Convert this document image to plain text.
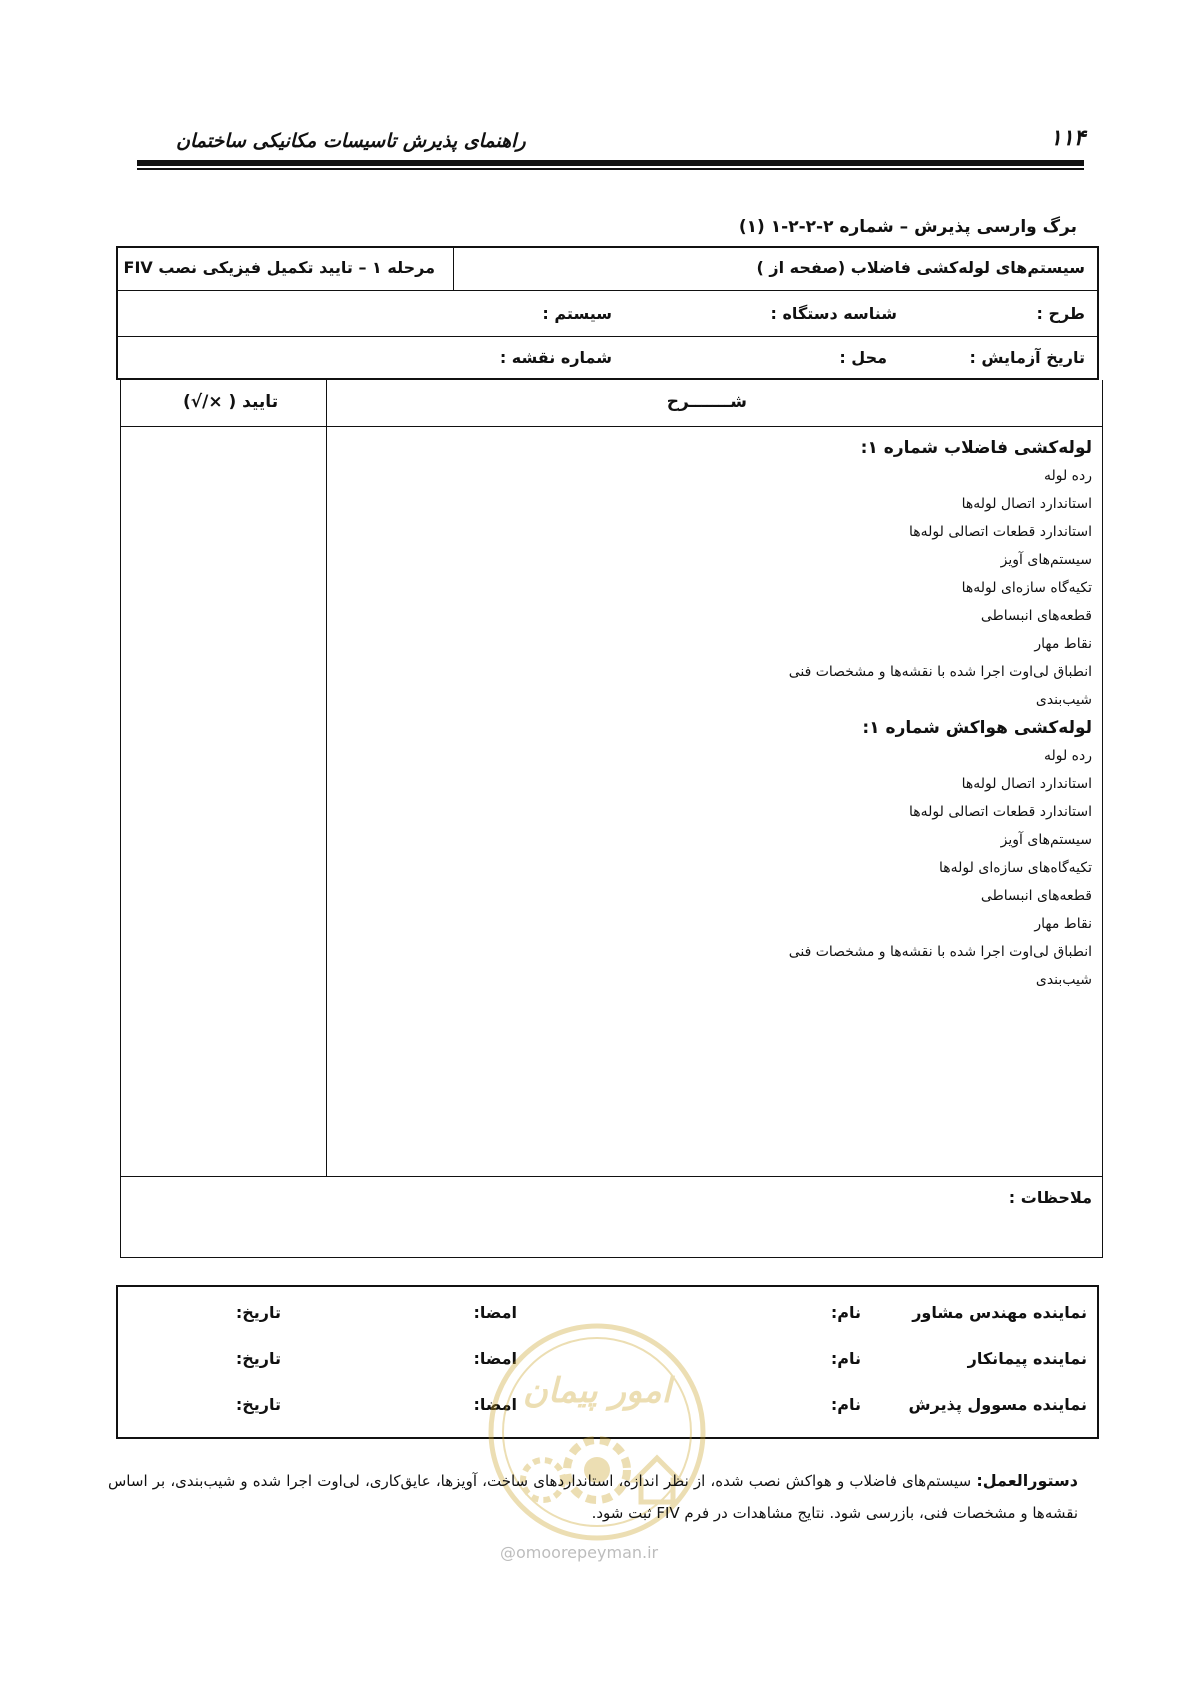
۱۱۴
راهنمای پذیرش تاسیسات مکانیکی ساختمان
برگ وارسی پذیرش – شماره ۲-۲-۲-۱ (۱)
سیستم‌های لوله‌کشی فاضلاب (صفحه از )
مرحله ۱ – تایید تکمیل فیزیکی نصب FIV
طرح :
شناسه دستگاه :
سیستم :
تاریخ آزمایش :
محل :
شماره نقشه :
شـــــــرح
تایید ( ×/√)
لوله‌کشی فاضلاب شماره ۱:
رده لوله
استاندارد اتصال لوله‌ها
استاندارد قطعات اتصالی لوله‌ها
سیستم‌های آویز
تکیه‌گاه سازه‌ای لوله‌ها
قطعه‌های انبساطی
نقاط مهار
انطباق لی‌اوت اجرا شده با نقشه‌ها و مشخصات فنی
شیب‌بندی
لوله‌کشی هواکش شماره ۱:
رده لوله
استاندارد اتصال لوله‌ها
استاندارد قطعات اتصالی لوله‌ها
سیستم‌های آویز
تکیه‌گاه‌های سازه‌ای لوله‌ها
قطعه‌های انبساطی
نقاط مهار
انطباق لی‌اوت اجرا شده با نقشه‌ها و مشخصات فنی
شیب‌بندی
ملاحظات :
نماینده مهندس مشاور
نام:
امضا:
تاریخ:
نماینده پیمانکار
نام:
امضا:
تاریخ:
نماینده مسوول پذیرش
نام:
امضا:
تاریخ:	امور پیمان
دستورالعمل: سیستم‌های فاضلاب و هواکش نصب شده، از نظر اندازه، استانداردهای ساخت، آویزها، عایق‌کاری، لی‌اوت اجرا شده و شیب‌بندی، بر اساس نقشه‌ها و مشخصات فنی، بازرسی شود. نتایج مشاهدات در فرم FIV ثبت شود.
@omoorepeyman.ir
